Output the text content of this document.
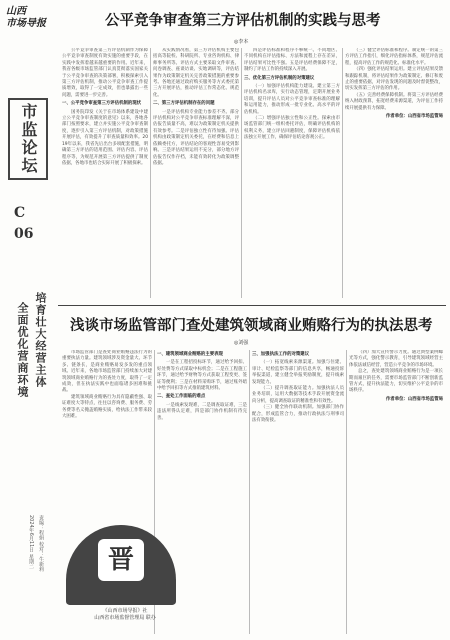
山西
市场导报
市监论坛
C
06
培育壮大经营主体
全面优化营商环境
责编：程娟 校对：牛新莉
2024年6月11日 星期二
公平竞争审查第三方评估机制的实践与思考
◎李本

公平竞争审查第三方评估机制作为保障公平竞争审查制度有效实施的重要手段，在实践中发挥着越来越重要的作用。近年来，我省各级市场监管部门认真贯彻落实国家关于公平竞争审查的决策部署，积极探索引入第三方评估机制，推动公平竞争审查工作提质增效，取得了一定成效，但也暴露出一些问题，需要进一步完善。

一、公平竞争审查第三方评估机制的现状

国务院印发《关于在市场体系建设中建立公平竞争审查制度的意见》以来，各地各部门按照要求，建立并实施公平竞争审查制度，逐步引入第三方评估机制，对政策措施开展评估，有效提升了审查质量和效率。2019年以来，我省先后出台多项配套措施，明确第三方评估的适用范围、评估内容、评估程序等，为规范开展第三方评估提供了制度依据，各地市也结合实际开展了积极探索。

从实践情况看，第三方评估机构主要包括高等院校、科研院所、专业咨询机构、律师事务所等。评估方式主要采取文件审查、问卷调查、座谈访谈、实地调研等，评估结果作为政策制定机关完善政策措施的重要参考。各地还通过政府购买服务等方式委托第三方开展评估，推动评估工作常态化、规范化。

二、第三方评估机制存在的问题

一是评估机构专业能力参差不齐。部分评估机构对公平竞争审查标准理解不深，评估报告质量不高，难以为政策制定机关提供有效参考。二是评估独立性有待加强。评估机构由政策制定机关委托，在经费和信息上依赖委托方，评估结论的客观性容易受到影响。三是评估结果运用不充分，部分地方评估报告仅作存档，未能有效转化为政策调整依据。

四是评估标准和程序不够统一。不同地区、不同机构在评估指标、方法和流程上存在差异，评估结果可比性不强。五是评估经费保障不足，制约了评估工作的持续深入开展。

三、优化第三方评估机制的对策建议

（一）加强评估机构能力建设。建立第三方评估机构名录库，实行动态管理，定期开展业务培训，提升评估人员对公平竞争审查标准的理解和运用能力，推动形成一批专业化、高水平的评估机构。

（二）增强评估独立性和公正性。探索由市场监管部门统一组织委托评估，明确评估机构的权利义务，建立评估回避制度，保障评估机构依法独立开展工作，确保评估结论客观公正。

（三）健全评估标准和程序。制定统一的第三方评估工作指引，细化评估指标体系，规范评估流程，提高评估工作的规范化、标准化水平。

（四）强化评估结果运用。建立评估结果反馈和跟踪机制，将评估结果作为政策制定、修订和废止的重要依据，对评估发现的问题及时督促整改，切实发挥第三方评估的作用。

（五）完善经费保障机制。将第三方评估经费纳入财政预算，拓宽经费来源渠道，为评估工作持续开展提供有力保障。

作者单位：山西省市场监管局

浅谈市场监管部门查处建筑领域商业贿赂行为的执法思考
◎刘强

市场监管部门是查处商业贿赂违法行为的重要执法力量。建筑领域涉及资金量大、环节多、链条长，是商业贿赂易发多发的重点领域。近年来，各地市场监管部门持续加大对建筑领域商业贿赂行为的查处力度，取得了一定成效，但在执法实践中也面临诸多困难和挑战。

建筑领域商业贿赂行为具有隐蔽性强、取证难度大等特点，往往以咨询费、服务费、劳务费等名义掩盖贿赂实质，给执法工作带来较大困难。

一、建筑领域商业贿赂的主要表现

一是在工程招投标环节，通过给予回扣、好处费等方式谋取中标机会；二是在工程施工环节，通过给予财物等方式获取工程变更、签证等便利；三是在材料采购环节，通过账外暗中给予回扣等方式推销建筑材料。

二、查处工作面临的难点

一是线索发现难，二是调查取证难，三是违法所得认定难，四是部门协作机制有待完善。

三、加强执法工作的对策建议

（一）拓宽线索来源渠道。加强与住建、审计、纪检监察等部门的信息共享，畅通投诉举报渠道，建立健全举报奖励制度，提升线索发现能力。

（二）提升调查取证能力。加强执法人员业务培训，运用大数据等技术手段开展资金流向分析，提高调查取证的精准性和有效性。

（三）健全协作联动机制。加强部门协作配合，形成监管合力，推动行政执法与刑事司法有效衔接。

（四）加大宣传警示力度。通过典型案例曝光等方式，强化警示教育，引导建筑领域经营主体依法诚信经营，营造公平竞争的市场环境。

总之，查处建筑领域商业贿赂行为是一项长期而艰巨的任务，需要市场监管部门不断创新监管方式，提升执法能力，切实维护公平竞争的市场秩序。

作者单位：山西省市场监管局

晋
《山西市场导报》社
山西省市场监督管理局 联办
